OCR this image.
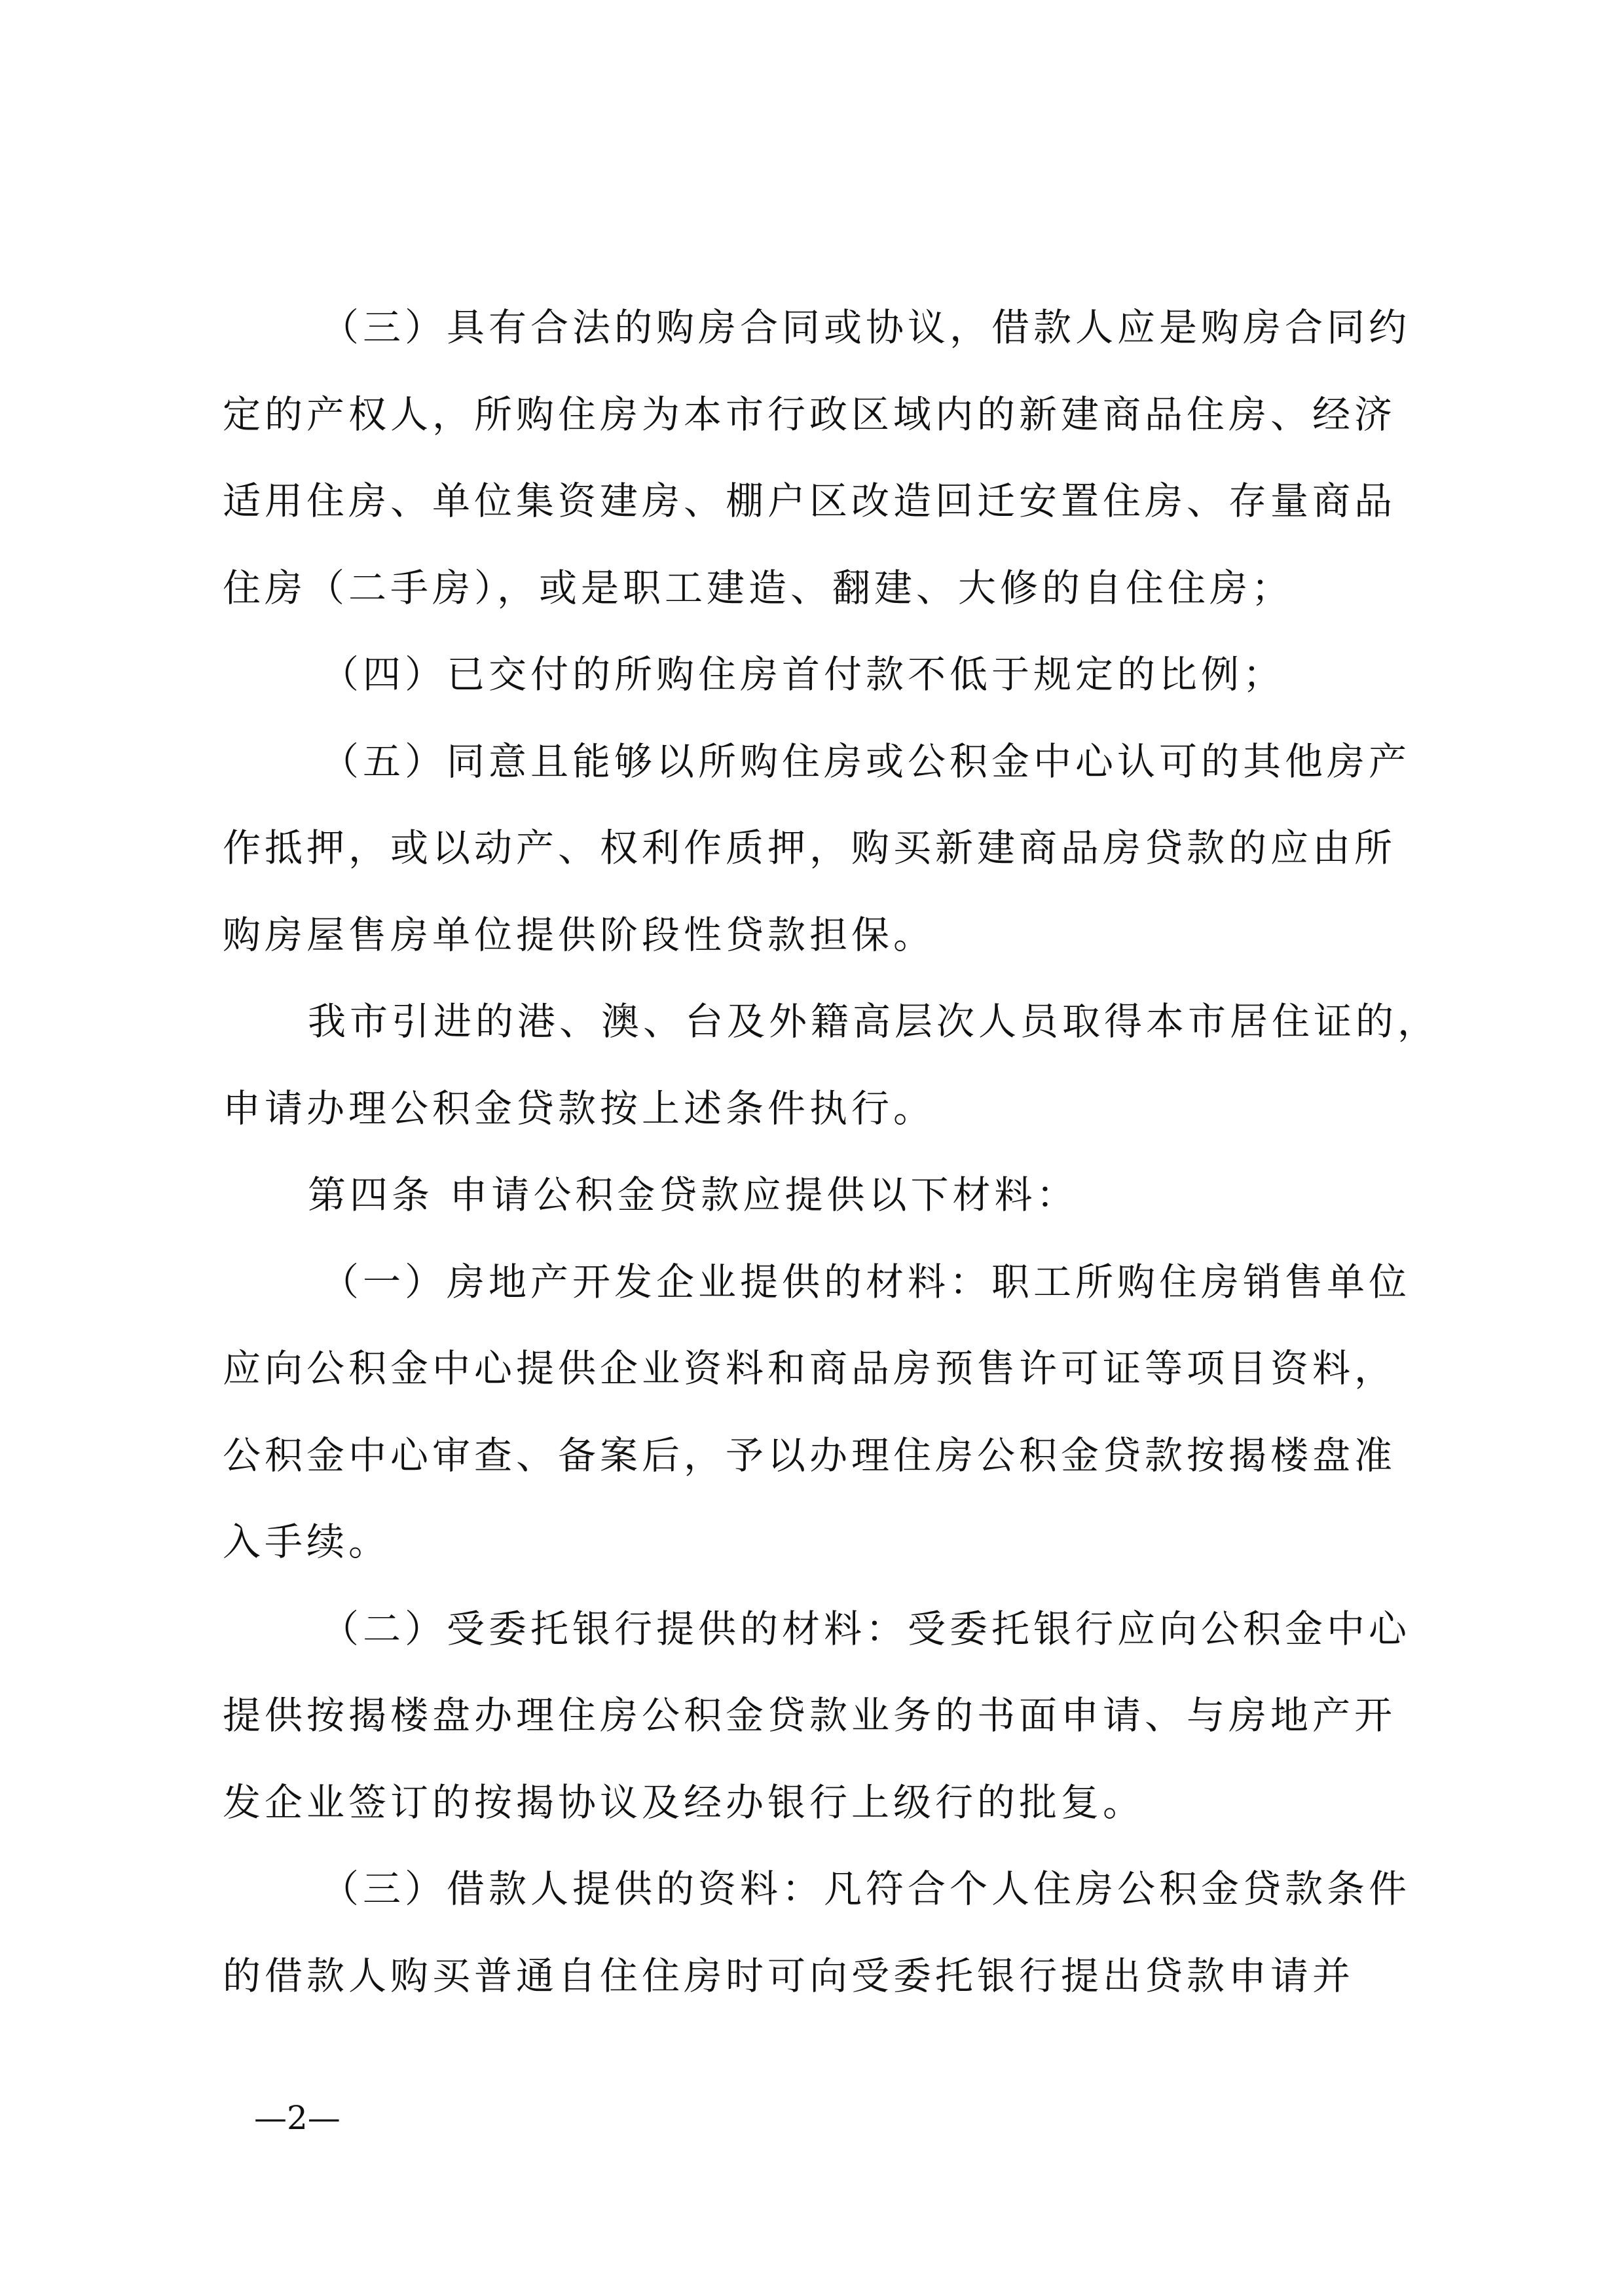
（三）具有合法的购房合同或协议，借款人应是购房合同约
定的产权人，所购住房为本市行政区域内的新建商品住房、经济
适用住房、单位集资建房、棚户区改造回迁安置住房、存量商品
住房（二手房），或是职工建造、翻建、大修的自住住房；
（四）已交付的所购住房首付款不低于规定的比例；
（五）同意且能够以所购住房或公积金中心认可的其他房产
作抵押，或以动产、权利作质押，购买新建商品房贷款的应由所
购房屋售房单位提供阶段性贷款担保。
我市引进的港、澳、台及外籍高层次人员取得本市居住证的，
申请办理公积金贷款按上述条件执行。
第四条 申请公积金贷款应提供以下材料：
（一）房地产开发企业提供的材料：职工所购住房销售单位
应向公积金中心提供企业资料和商品房预售许可证等项目资料，
公积金中心审查、备案后，予以办理住房公积金贷款按揭楼盘准
入手续。
（二）受委托银行提供的材料：受委托银行应向公积金中心
提供按揭楼盘办理住房公积金贷款业务的书面申请、与房地产开
发企业签订的按揭协议及经办银行上级行的批复。
（三）借款人提供的资料：凡符合个人住房公积金贷款条件
的借款人购买普通自住住房时可向受委托银行提出贷款申请并
—2—
